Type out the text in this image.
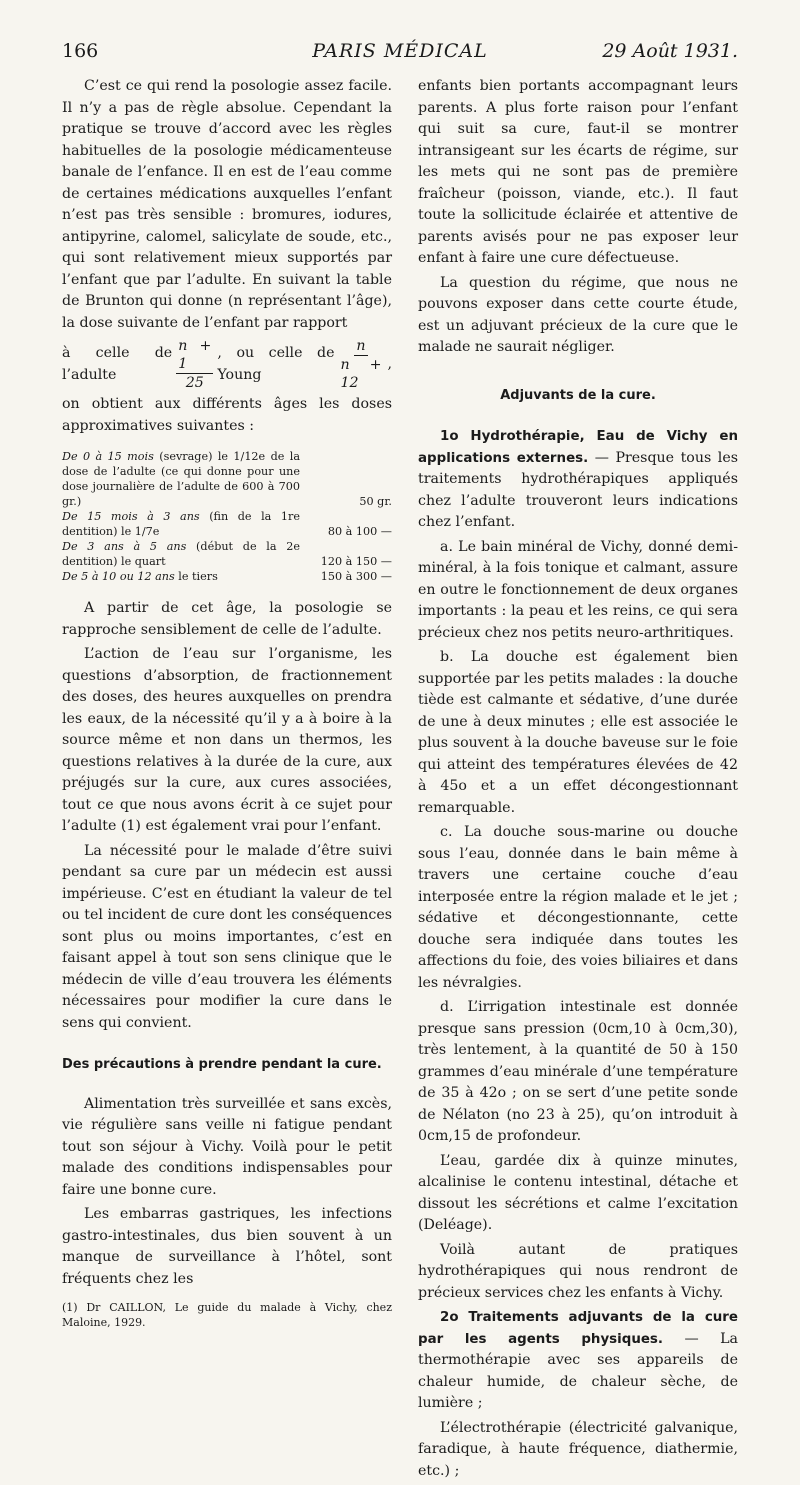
166	PARIS MÉDICAL	29 Août 1931.

C’est ce qui rend la posologie assez facile. Il n’y a pas de règle absolue. Cependant la pratique se trouve d’accord avec les règles habituelles de la posologie médicamenteuse banale de l’enfance. Il en est de l’eau comme de certaines médications auxquelles l’enfant n’est pas très sensible : bromures, iodures, antipyrine, calomel, salicylate de soude, etc., qui sont relativement mieux supportés par l’enfant que par l’adulte. En suivant la table de Brunton qui donne (n représentant l’âge), la dose suivante de l’enfant par rapport

à celle de l’adulte	$\frac{n + 1}{25}$ , ou celle de Young	$\frac{n}{n + 12}$ ,

on obtient aux différents âges les doses approximatives suivantes :

De 0 à 15 mois (sevrage) le 1/12e de la dose de l’adulte (ce qui donne pour une dose journalière de l’adulte de 600 à 700 gr.)	50 gr.
De 15 mois à 3 ans (fin de la 1re dentition) le 1/7e	80 à 100 —
De 3 ans à 5 ans (début de la 2e dentition) le quart	120 à 150 —
De 5 à 10 ou 12 ans le tiers	150 à 300 —

A partir de cet âge, la posologie se rapproche sensiblement de celle de l’adulte.

L’action de l’eau sur l’organisme, les questions d’absorption, de fractionnement des doses, des heures auxquelles on prendra les eaux, de la nécessité qu’il y a à boire à la source même et non dans un thermos, les questions relatives à la durée de la cure, aux préjugés sur la cure, aux cures associées, tout ce que nous avons écrit à ce sujet pour l’adulte (1) est également vrai pour l’enfant.

La nécessité pour le malade d’être suivi pendant sa cure par un médecin est aussi impérieuse. C’est en étudiant la valeur de tel ou tel incident de cure dont les conséquences sont plus ou moins importantes, c’est en faisant appel à tout son sens clinique que le médecin de ville d’eau trouvera les éléments nécessaires pour modifier la cure dans le sens qui convient.

Des précautions à prendre pendant la cure.

Alimentation très surveillée et sans excès, vie régulière sans veille ni fatigue pendant tout son séjour à Vichy. Voilà pour le petit malade des conditions indispensables pour faire une bonne cure.

Les embarras gastriques, les infections gastro-intestinales, dus bien souvent à un manque de surveillance à l’hôtel, sont fréquents chez les

(1) Dr CAILLON, Le guide du malade à Vichy, chez Maloine, 1929.

enfants bien portants accompagnant leurs parents. A plus forte raison pour l’enfant qui suit sa cure, faut-il se montrer intransigeant sur les écarts de régime, sur les mets qui ne sont pas de première fraîcheur (poisson, viande, etc.). Il faut toute la sollicitude éclairée et attentive de parents avisés pour ne pas exposer leur enfant à faire une cure défectueuse.

La question du régime, que nous ne pouvons exposer dans cette courte étude, est un adjuvant précieux de la cure que le malade ne saurait négliger.

Adjuvants de la cure.

1o Hydrothérapie, Eau de Vichy en applications externes. — Presque tous les traitements hydrothérapiques appliqués chez l’adulte trouveront leurs indications chez l’enfant.

a. Le bain minéral de Vichy, donné demi-minéral, à la fois tonique et calmant, assure en outre le fonctionnement de deux organes importants : la peau et les reins, ce qui sera précieux chez nos petits neuro-arthritiques.

b. La douche est également bien supportée par les petits malades : la douche tiède est calmante et sédative, d’une durée de une à deux minutes ; elle est associée le plus souvent à la douche baveuse sur le foie qui atteint des températures élevées de 42 à 45o et a un effet décongestionnant remarquable.

c. La douche sous-marine ou douche sous l’eau, donnée dans le bain même à travers une certaine couche d’eau interposée entre la région malade et le jet ; sédative et décongestionnante, cette douche sera indiquée dans toutes les affections du foie, des voies biliaires et dans les névralgies.

d. L’irrigation intestinale est donnée presque sans pression (0cm,10 à 0cm,30), très lentement, à la quantité de 50 à 150 grammes d’eau minérale d’une température de 35 à 42o ; on se sert d’une petite sonde de Nélaton (no 23 à 25), qu’on introduit à 0cm,15 de profondeur.

L’eau, gardée dix à quinze minutes, alcalinise le contenu intestinal, détache et dissout les sécrétions et calme l’excitation (Deléage).

Voilà autant de pratiques hydrothérapiques qui nous rendront de précieux services chez les enfants à Vichy.

2o Traitements adjuvants de la cure par les agents physiques. — La thermothérapie avec ses appareils de chaleur humide, de chaleur sèche, de lumière ;

L’électrothérapie (électricité galvanique, faradique, à haute fréquence, diathermie, etc.) ;
